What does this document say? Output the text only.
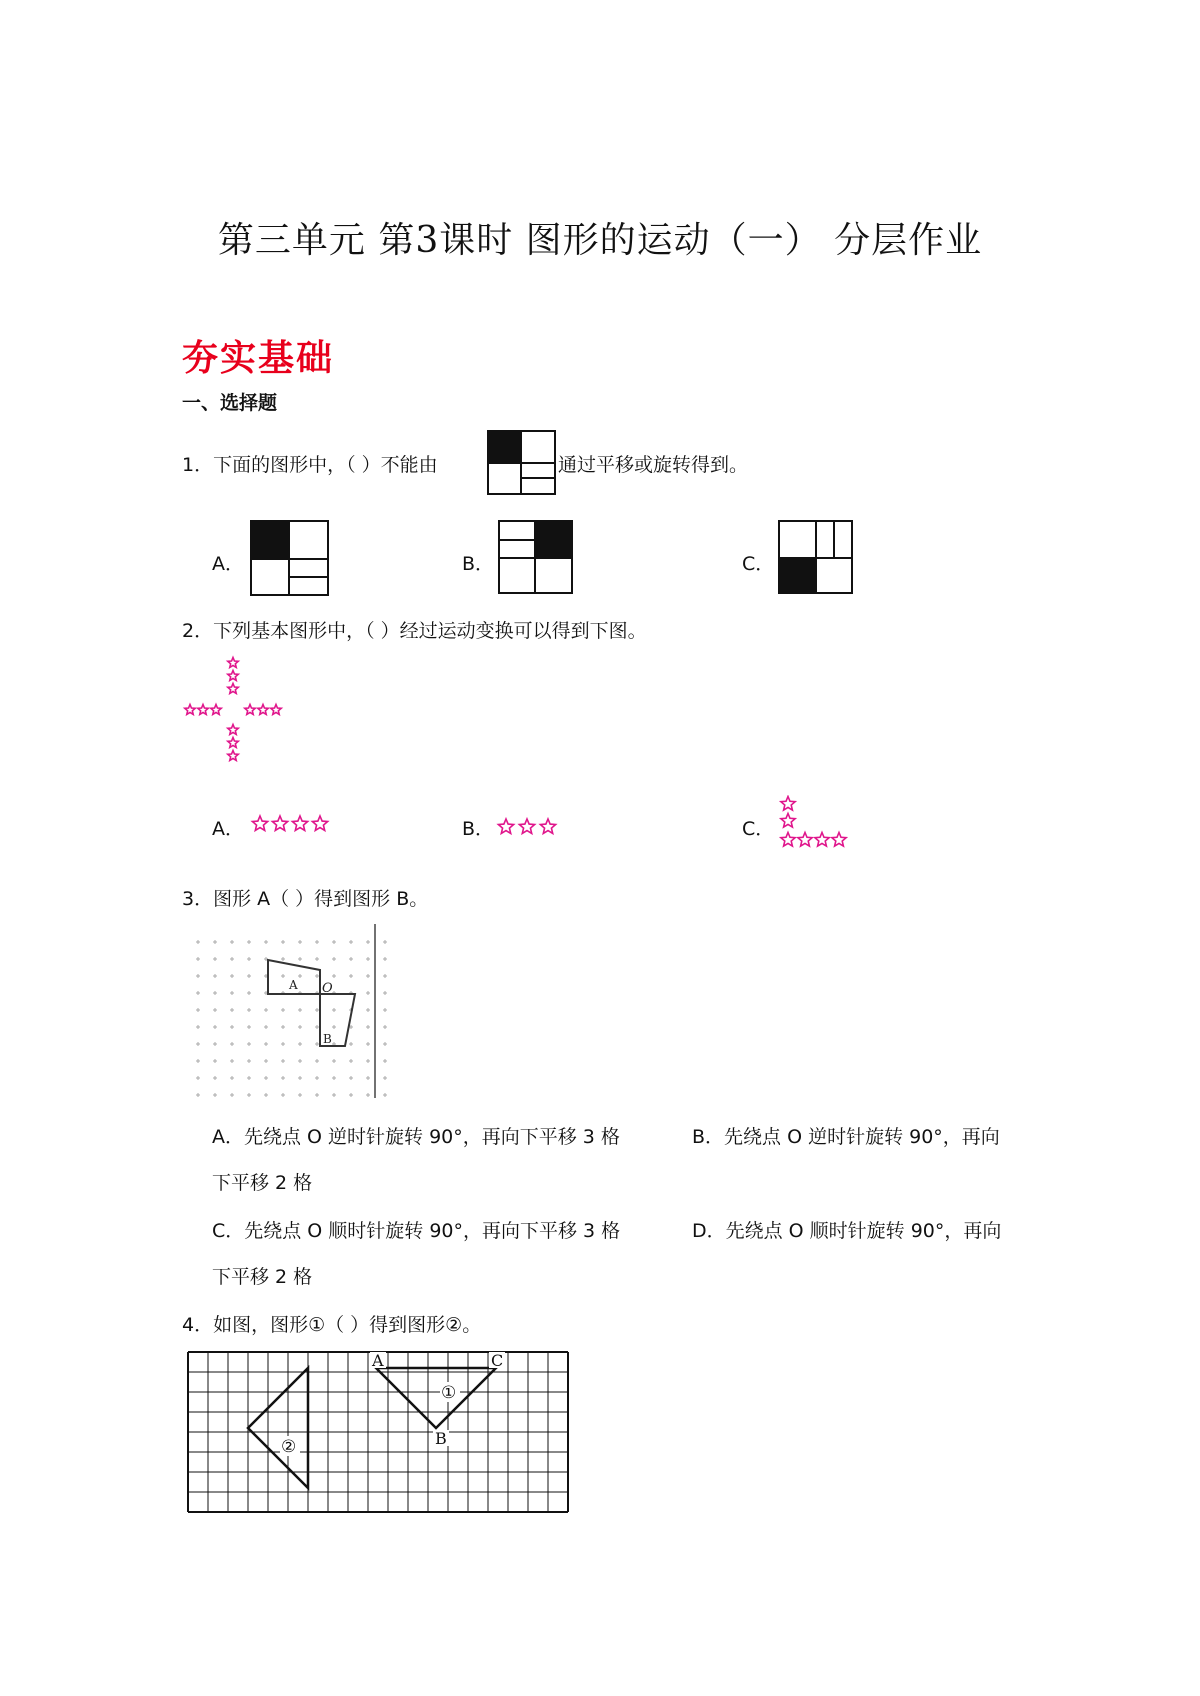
第三单元 第3课时 图形的运动（一） 分层作业
夯实基础
一、选择题
1．下面的图形中，（ ）不能由	通过平移或旋转得到。
A．	B．	C．
2．下列基本图形中，（ ）经过运动变换可以得到下图。
A．	B．	C．
3．图形 A（ ）得到图形 B。
A O
B
A．先绕点 O 逆时针旋转 90°，再向下平移 3 格	B．先绕点 O 逆时针旋转 90°，再向
下平移 2 格
C．先绕点 O 顺时针旋转 90°，再向下平移 3 格	D．先绕点 O 顺时针旋转 90°，再向
下平移 2 格
4．如图，图形①（ ）得到图形②。
A	C
B
①
②
